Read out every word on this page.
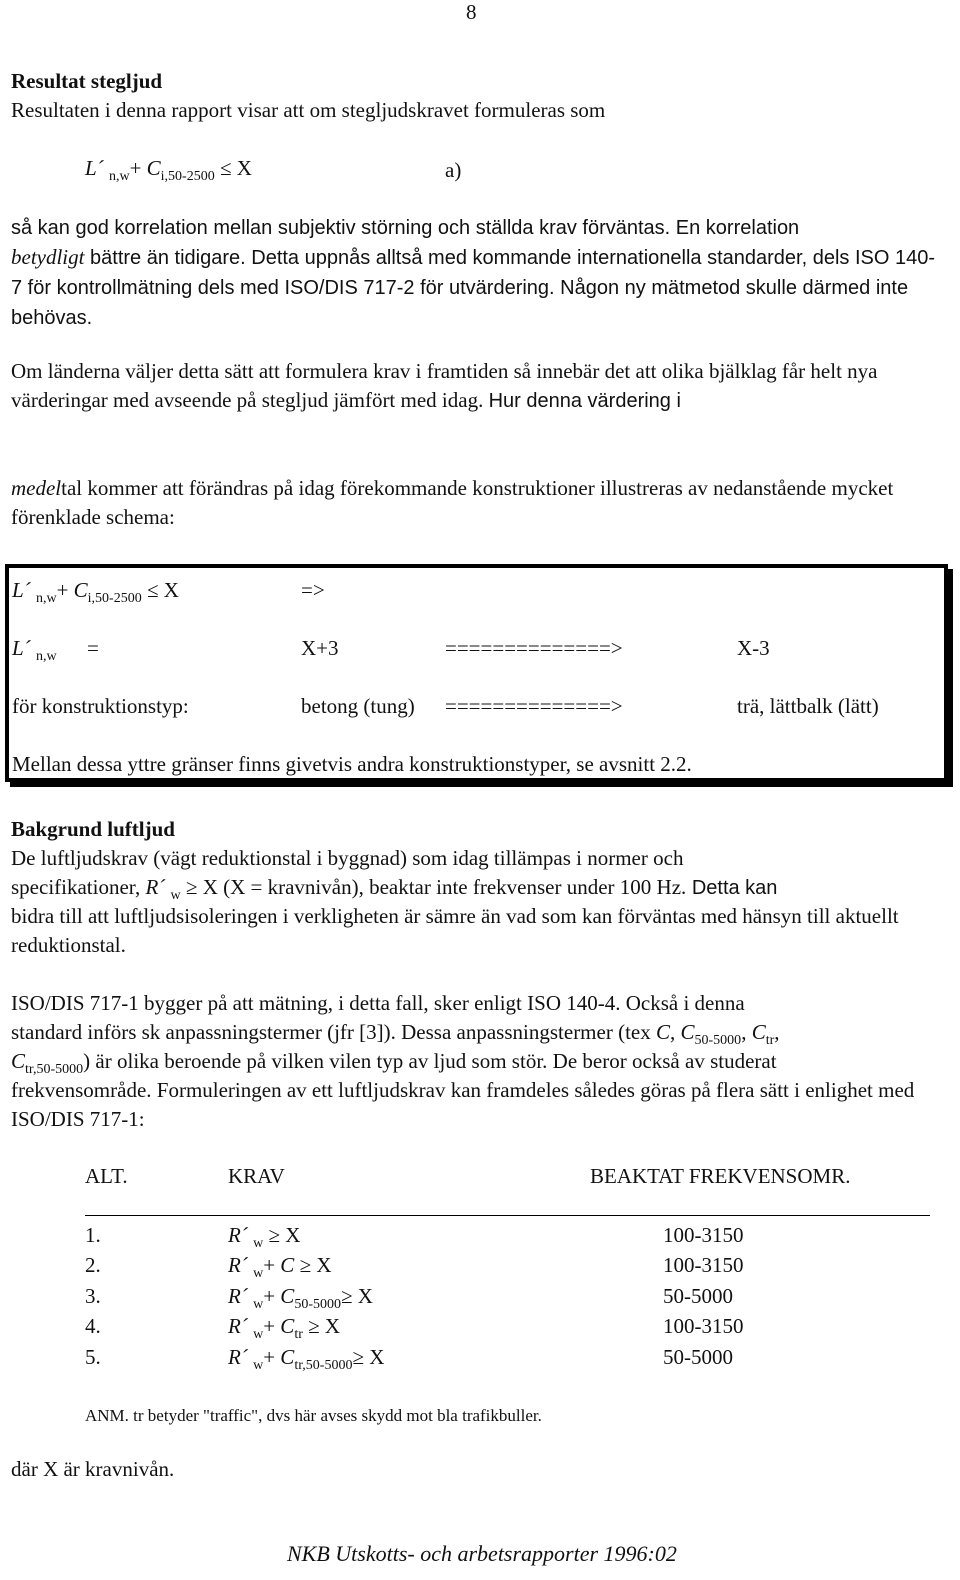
8
Resultat stegljud
Resultaten i denna rapport visar att om stegljudskravet formuleras som
L´ $_{n,w}+ C_{i,50-2500} \le X$	a)
så kan god korrelation mellan subjektiv störning och ställda krav förväntas. En korrelation
betydligt bättre än tidigare. Detta uppnås alltså med kommande internationella standarder, dels ISO 140-7 för kontrollmätning dels med ISO/DIS 717-2 för utvärdering. Någon ny mätmetod skulle därmed inte behövas.
Om länderna väljer detta sätt att formulera krav i framtiden så innebär det att olika bjälklag får helt nya värderingar med avseende på stegljud jämfört med idag. Hur denna värdering i
medeltal kommer att förändras på idag förekommande konstruktioner illustreras av nedanstående mycket förenklade schema:
L´ $_{n,w}+ C_{i,50-2500} \le X$	=>
L´ $_{n,w}$ =	X+3	==============>	X-3
för konstruktionstyp:	betong (tung) ==============>	trä, lättbalk (lätt)
Mellan dessa yttre gränser finns givetvis andra konstruktionstyper, se avsnitt 2.2.
Bakgrund luftljud
De luftljudskrav (vägt reduktionstal i byggnad) som idag tillämpas i normer och
specifikationer, R´ $_w$ ≥ X (X = kravnivån), beaktar inte frekvenser under 100 Hz. Detta kan
bidra till att luftljudsisoleringen i verkligheten är sämre än vad som kan förväntas med hänsyn till aktuellt reduktionstal.
ISO/DIS 717-1 bygger på att mätning, i detta fall, sker enligt ISO 140-4. Också i denna
standard införs sk anpassningstermer (jfr [3]). Dessa anpassningstermer (tex C, $C_{50-5000}$, $C_{tr}$,
$C_{tr,50-5000}$) är olika beroende på vilken vilen typ av ljud som stör. De beror också av studerat
frekvensområde. Formuleringen av ett luftljudskrav kan framdeles således göras på flera sätt i enlighet med ISO/DIS 717-1:
ALT.	KRAV	BEAKTAT FREKVENSOMR.
1.	R´ $_w$ ≥ X	100-3150
2.	R´ $_w$+ C ≥ X	100-3150
3.	R´ $_w+ C_{50-5000}\ge X$	50-5000
4.	R´ $_w+ C_{tr} \ge X$	100-3150
5.	R´ $_w+ C_{tr,50-5000}\ge X$	50-5000
ANM. tr betyder "traffic", dvs här avses skydd mot bla trafikbuller.
där X är kravnivån.
NKB Utskotts- och arbetsrapporter 1996:02
